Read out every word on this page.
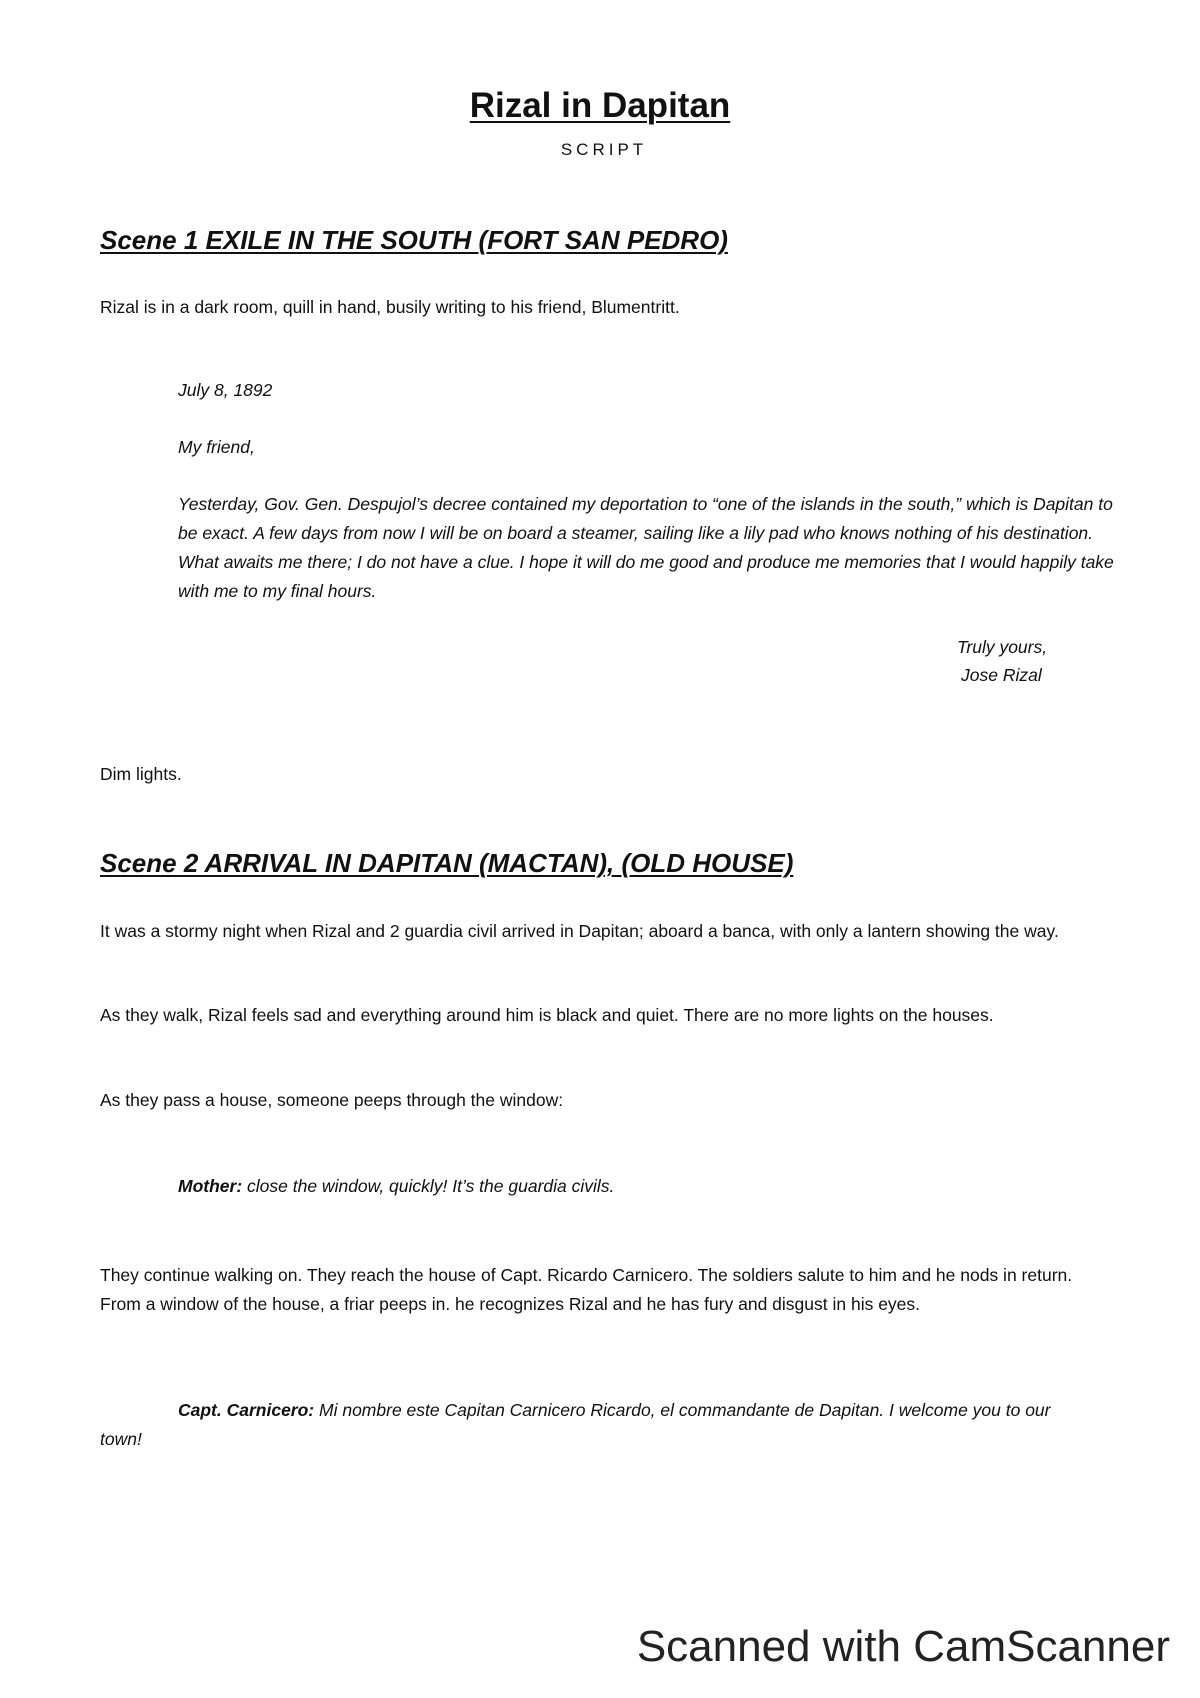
Rizal in Dapitan
SCRIPT
Scene 1 EXILE IN THE SOUTH (FORT SAN PEDRO)

Rizal is in a dark room, quill in hand, busily writing to his friend, Blumentritt.

July 8, 1892

My friend,

Yesterday, Gov. Gen. Despujol’s decree contained my deportation to “one of the islands in the south,” which is Dapitan to be exact. A few days from now I will be on board a steamer, sailing like a lily pad who knows nothing of his destination. What awaits me there; I do not have a clue. I hope it will do me good and produce me memories that I would happily take with me to my final hours.

Truly yours,

Jose Rizal

Dim lights.

Scene 2 ARRIVAL IN DAPITAN (MACTAN), (OLD HOUSE)

It was a stormy night when Rizal and 2 guardia civil arrived in Dapitan; aboard a banca, with only a lantern showing the way.

As they walk, Rizal feels sad and everything around him is black and quiet. There are no more lights on the houses.

As they pass a house, someone peeps through the window:

Mother: close the window, quickly! It’s the guardia civils.

They continue walking on. They reach the house of Capt. Ricardo Carnicero. The soldiers salute to him and he nods in return. From a window of the house, a friar peeps in. he recognizes Rizal and he has fury and disgust in his eyes.

Capt. Carnicero: Mi nombre este Capitan Carnicero Ricardo, el commandante de Dapitan. I welcome you to our town!

Scanned with CamScanner
